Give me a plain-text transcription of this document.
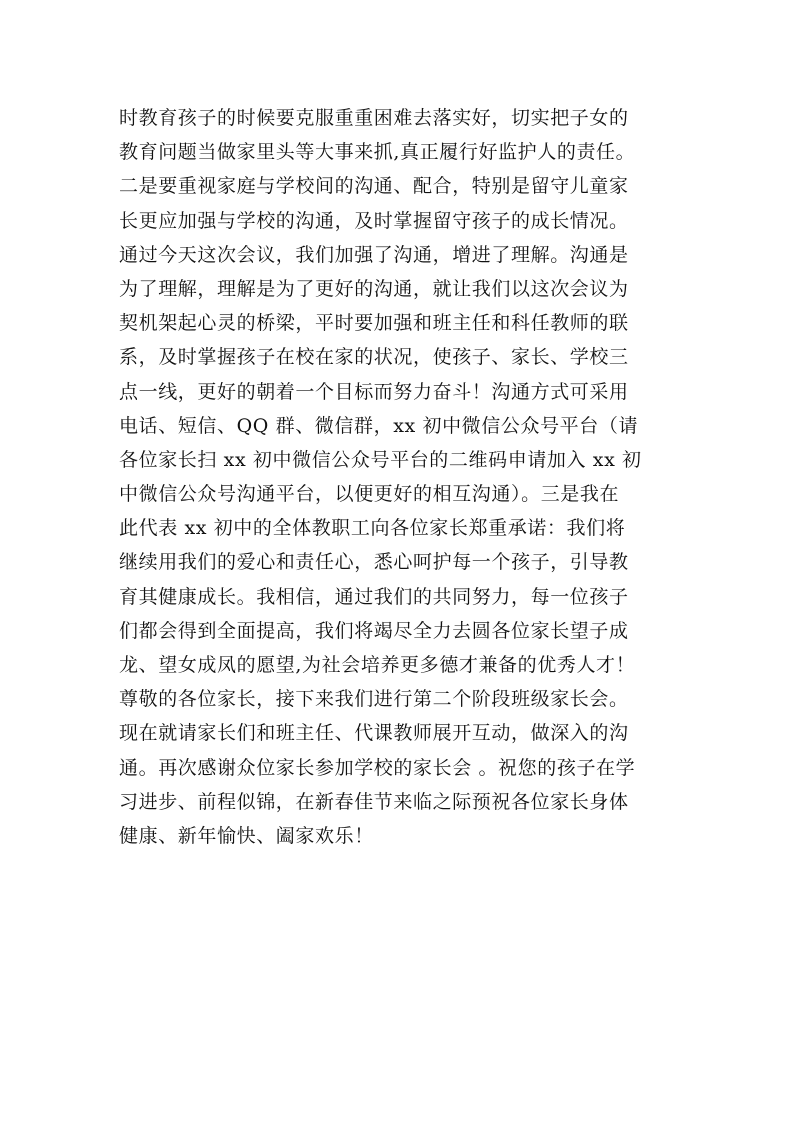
时教育孩子的时候要克服重重困难去落实好，切实把子女的
教育问题当做家里头等大事来抓,真正履行好监护人的责任。
二是要重视家庭与学校间的沟通、配合，特别是留守儿童家
长更应加强与学校的沟通，及时掌握留守孩子的成长情况。
通过今天这次会议，我们加强了沟通，增进了理解。沟通是
为了理解，理解是为了更好的沟通，就让我们以这次会议为
契机架起心灵的桥梁，平时要加强和班主任和科任教师的联
系，及时掌握孩子在校在家的状况，使孩子、家长、学校三
点一线，更好的朝着一个目标而努力奋斗！沟通方式可采用
电话、短信、QQ 群、微信群，xx 初中微信公众号平台（请
各位家长扫 xx 初中微信公众号平台的二维码申请加入 xx 初
中微信公众号沟通平台，以便更好的相互沟通）。三是我在
此代表 xx 初中的全体教职工向各位家长郑重承诺：我们将
继续用我们的爱心和责任心，悉心呵护每一个孩子，引导教
育其健康成长。我相信，通过我们的共同努力，每一位孩子
们都会得到全面提高，我们将竭尽全力去圆各位家长望子成
龙、望女成凤的愿望,为社会培养更多德才兼备的优秀人才！
尊敬的各位家长，接下来我们进行第二个阶段班级家长会。
现在就请家长们和班主任、代课教师展开互动，做深入的沟
通。再次感谢众位家长参加学校的家长会 。祝您的孩子在学
习进步、前程似锦，在新春佳节来临之际预祝各位家长身体
健康、新年愉快、阖家欢乐！
